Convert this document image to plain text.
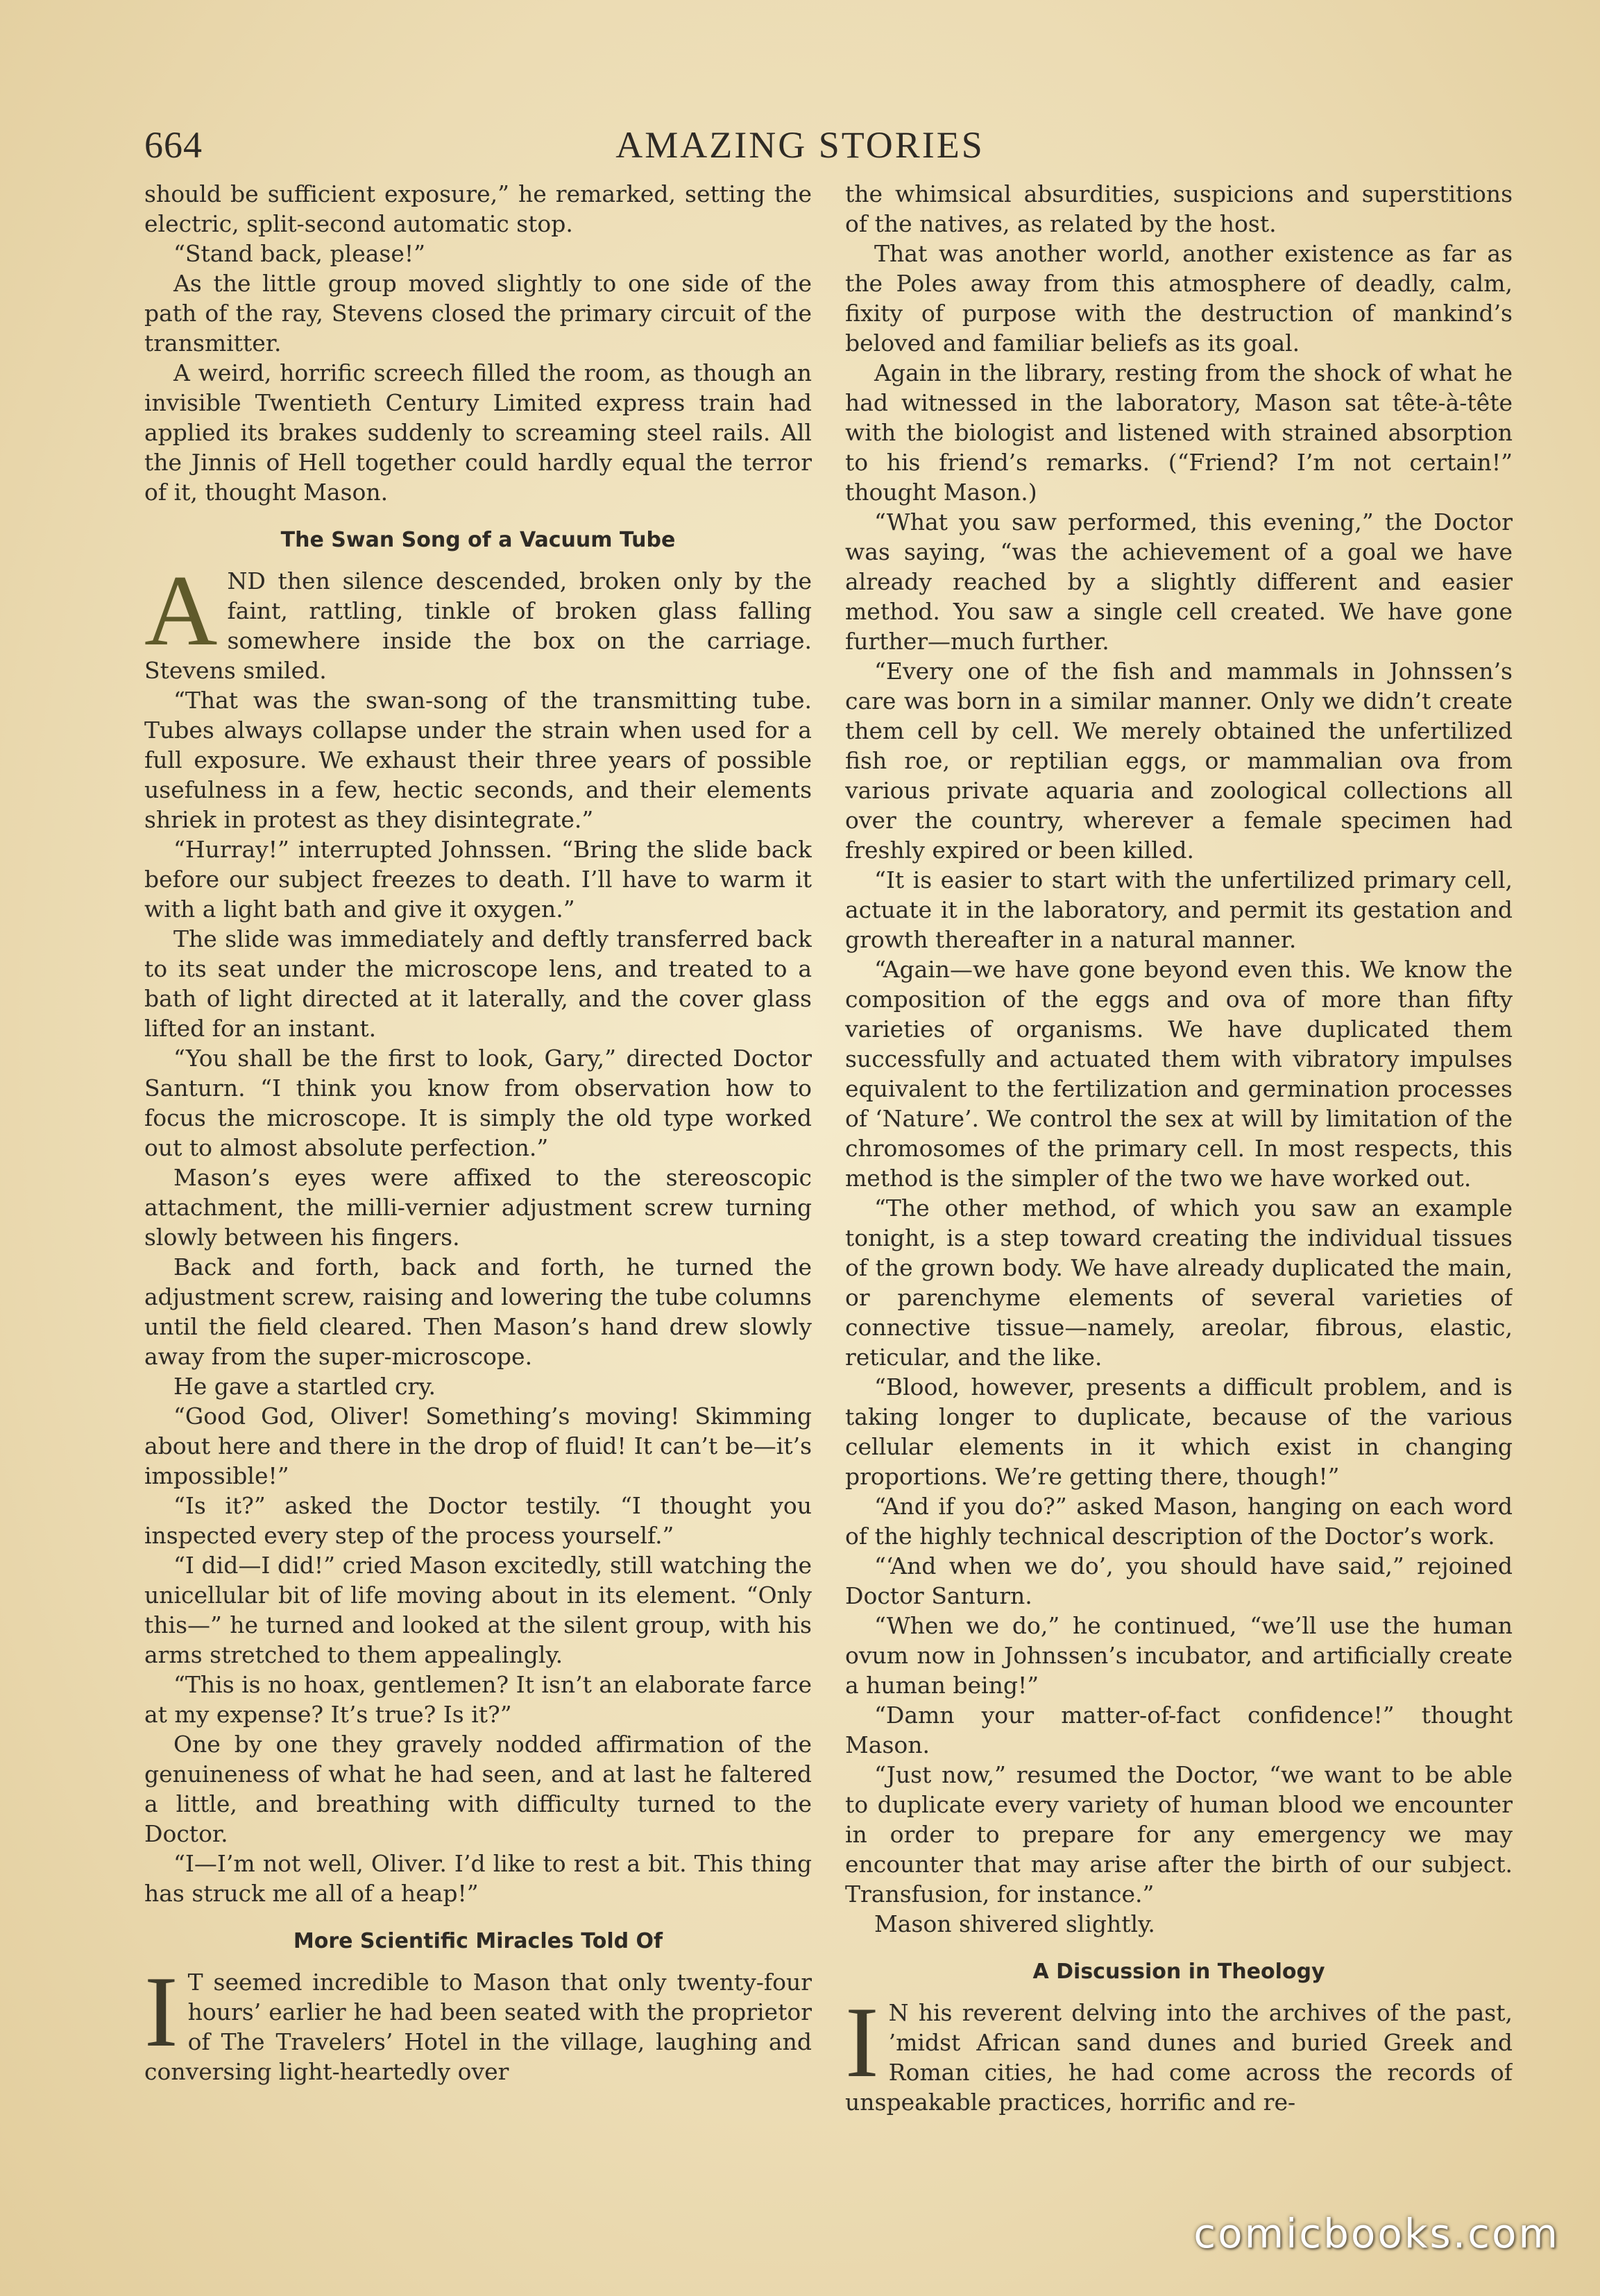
664	AMAZING STORIES

should be sufficient exposure,” he remarked, setting the electric, split-second automatic stop.

“Stand back, please!”

As the little group moved slightly to one side of the path of the ray, Stevens closed the primary circuit of the transmitter.

A weird, horrific screech filled the room, as though an invisible Twentieth Century Limited express train had applied its brakes suddenly to screaming steel rails. All the Jinnis of Hell together could hardly equal the terror of it, thought Mason.

The Swan Song of a Vacuum Tube

AND then silence descended, broken only by the faint, rattling, tinkle of broken glass falling somewhere inside the box on the carriage. Stevens smiled.

“That was the swan-song of the transmitting tube. Tubes always collapse under the strain when used for a full exposure. We exhaust their three years of possible usefulness in a few, hectic seconds, and their elements shriek in protest as they disintegrate.”

“Hurray!” interrupted Johnssen. “Bring the slide back before our subject freezes to death. I’ll have to warm it with a light bath and give it oxygen.”

The slide was immediately and deftly transferred back to its seat under the microscope lens, and treated to a bath of light directed at it laterally, and the cover glass lifted for an instant.

“You shall be the first to look, Gary,” directed Doctor Santurn. “I think you know from observation how to focus the microscope. It is simply the old type worked out to almost absolute perfection.”

Mason’s eyes were affixed to the stereoscopic attachment, the milli-vernier adjustment screw turning slowly between his fingers.

Back and forth, back and forth, he turned the adjustment screw, raising and lowering the tube columns until the field cleared. Then Mason’s hand drew slowly away from the super-microscope.

He gave a startled cry.

“Good God, Oliver! Something’s moving! Skimming about here and there in the drop of fluid! It can’t be—it’s impossible!”

“Is it?” asked the Doctor testily. “I thought you inspected every step of the process yourself.”

“I did—I did!” cried Mason excitedly, still watching the unicellular bit of life moving about in its element. “Only this—” he turned and looked at the silent group, with his arms stretched to them appealingly.

“This is no hoax, gentlemen? It isn’t an elaborate farce at my expense? It’s true? Is it?”

One by one they gravely nodded affirmation of the genuineness of what he had seen, and at last he faltered a little, and breathing with difficulty turned to the Doctor.

“I—I’m not well, Oliver. I’d like to rest a bit. This thing has struck me all of a heap!”

More Scientific Miracles Told Of

I T seemed incredible to Mason that only twenty-four hours’ earlier he had been seated with the proprietor of The Travelers’ Hotel in the village, laughing and conversing light-heartedly over

the whimsical absurdities, suspicions and superstitions of the natives, as related by the host.

That was another world, another existence as far as the Poles away from this atmosphere of deadly, calm, fixity of purpose with the destruction of mankind’s beloved and familiar beliefs as its goal.

Again in the library, resting from the shock of what he had witnessed in the laboratory, Mason sat tête-à-tête with the biologist and listened with strained absorption to his friend’s remarks. (“Friend? I’m not certain!” thought Mason.)

“What you saw performed, this evening,” the Doctor was saying, “was the achievement of a goal we have already reached by a slightly different and easier method. You saw a single cell created. We have gone further—much further.

“Every one of the fish and mammals in Johnssen’s care was born in a similar manner. Only we didn’t create them cell by cell. We merely obtained the unfertilized fish roe, or reptilian eggs, or mammalian ova from various private aquaria and zoological collections all over the country, wherever a female specimen had freshly expired or been killed.

“It is easier to start with the unfertilized primary cell, actuate it in the laboratory, and permit its gestation and growth thereafter in a natural manner.

“Again—we have gone beyond even this. We know the composition of the eggs and ova of more than fifty varieties of organisms. We have duplicated them successfully and actuated them with vibratory impulses equivalent to the fertilization and germination processes of ‘Nature’. We control the sex at will by limitation of the chromosomes of the primary cell. In most respects, this method is the simpler of the two we have worked out.

“The other method, of which you saw an example tonight, is a step toward creating the individual tissues of the grown body. We have already duplicated the main, or parenchyme elements of several varieties of connective tissue—namely, areolar, fibrous, elastic, reticular, and the like.

“Blood, however, presents a difficult problem, and is taking longer to duplicate, because of the various cellular elements in it which exist in changing proportions. We’re getting there, though!”

“And if you do?” asked Mason, hanging on each word of the highly technical description of the Doctor’s work.

“‘And when we do’, you should have said,” rejoined Doctor Santurn.

“When we do,” he continued, “we’ll use the human ovum now in Johnssen’s incubator, and artificially create a human being!”

“Damn your matter-of-fact confidence!” thought Mason.

“Just now,” resumed the Doctor, “we want to be able to duplicate every variety of human blood we encounter in order to prepare for any emergency we may encounter that may arise after the birth of our subject. Transfusion, for instance.”

Mason shivered slightly.

A Discussion in Theology

I N his reverent delving into the archives of the past, ’midst African sand dunes and buried Greek and Roman cities, he had come across the records of unspeakable practices, horrific and re-

comicbooks.com
